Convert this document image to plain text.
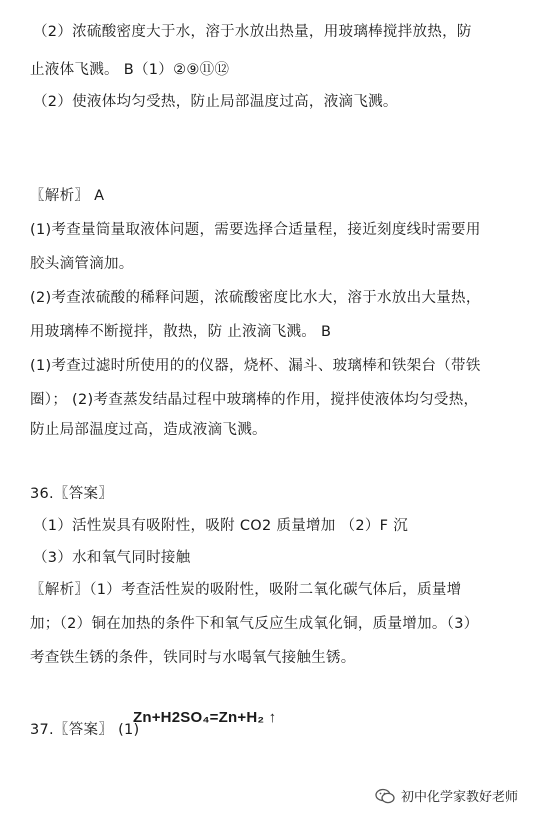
（2）浓硫酸密度大于水，溶于水放出热量，用玻璃棒搅拌放热，防
止液体飞溅。 B（1）②⑨⑪⑫
（2）使液体均匀受热，防止局部温度过高，液滴飞溅。
〖解析〗 A
(1)考查量筒量取液体问题，需要选择合适量程，接近刻度线时需要用
胶头滴管滴加。
(2)考查浓硫酸的稀释问题，浓硫酸密度比水大，溶于水放出大量热，
用玻璃棒不断搅拌，散热，防 止液滴飞溅。 B
(1)考查过滤时所使用的的仪器，烧杯、漏斗、玻璃棒和铁架台（带铁
圈）； (2)考查蒸发结晶过程中玻璃棒的作用，搅拌使液体均匀受热，
防止局部温度过高，造成液滴飞溅。
36.〖答案〗
（1）活性炭具有吸附性，吸附 CO2 质量增加 （2）F 沉
（3）水和氧气同时接触
〖解析〗（1）考查活性炭的吸附性，吸附二氧化碳气体后，质量增
加；（2）铜在加热的条件下和氧气反应生成氧化铜，质量增加。（3）
考查铁生锈的条件，铁同时与水喝氧气接触生锈。
37.〖答案〗 (1)
Zn+H2SO₄=Zn+H₂ ↑
初中化学家教好老师
